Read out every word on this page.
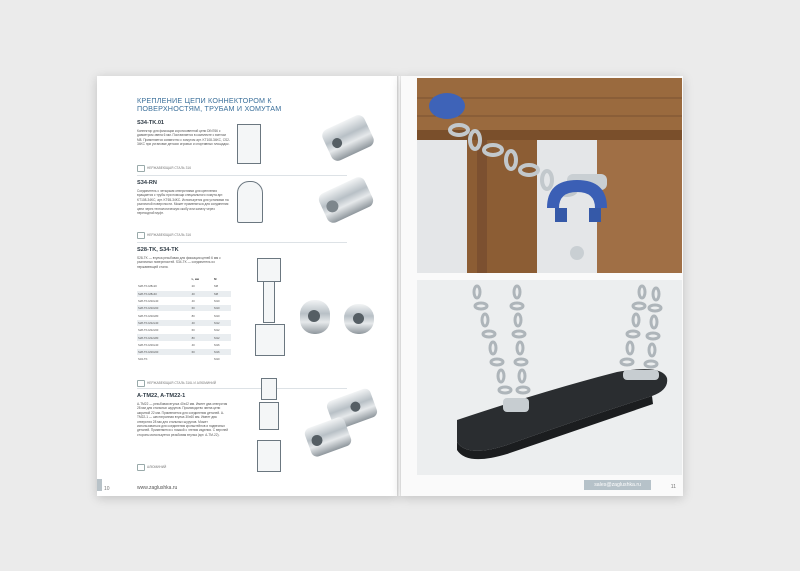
КРЕПЛЕНИЕ ЦЕПИ КОННЕКТОРОМ К ПОВЕРХНОСТЯМ, ТРУБАМ И ХОМУТАМ
S34-TK.01
Коннектор для фиксации короткозвенной цепи DIN766 с диаметром звена 6 мм. Поставляется в комплекте с винтом М8. Применяется совместно с хомутом арт. KT108-34KC, CS2-34KC при установке детских игровых и спортивных площадок.
НЕРЖАВЕЮЩАЯ СТАЛЬ 316
S34-RN
Соединитель с четырьмя отверстиями для крепления вращается с трубы при помощи специального хомута арт. KT108-34KC, арт. KT65-34KC. Используется для установки на различной поверхности. Может применяться для соединения цепи через технологическую скобу или канату через переходной муфт.
НЕРЖАВЕЮЩАЯ СТАЛЬ 316
S28-TK, S34-TK
S28-TK — втулка резьбовая для фиксации цепей 6 мм с различных поверхностей. S34-TK — соединитель из нержавеющей стали.
	L, мм	М
S28-TK-M8x20	20	M8
S28-TK-M8x40	40	M8
S28-TK-M10x40	40	M10
S28-TK-M10x60	60	M10
S28-TK-M10x80	80	M10
S28-TK-M12x40	40	M12
S28-TK-M12x60	60	M12
S28-TK-M12x80	80	M12
S28-TK-M16x40	40	M16
S28-TK-M16x60	60	M16
S34-TK		M10
НЕРЖАВЕЮЩАЯ СТАЛЬ 316L И АЛЮМИНИЙ
A-TM22, A-TM22-1
A-TM22 — резьбовая втулка 40x42 мм. Имеет два отверстия 28 мм для стальных шурупов. Производство звена цепи шириной 22 мм. Применяется для соединения деталей. A-TM22-1 — шестигранная втулка 30х60 мм. Имеет два отверстия 28 мм для стальных шурупов. Может использоваться для соединения кронштейнов и подвесных деталей. Применяется с ножкой с чтения изделия. С верхней стороны используется резьбовая втулка (арт. A-TM-22).
АЛЮМИНИЙ
10	www.zaglushka.ru	sales@zaglushka.ru	11
